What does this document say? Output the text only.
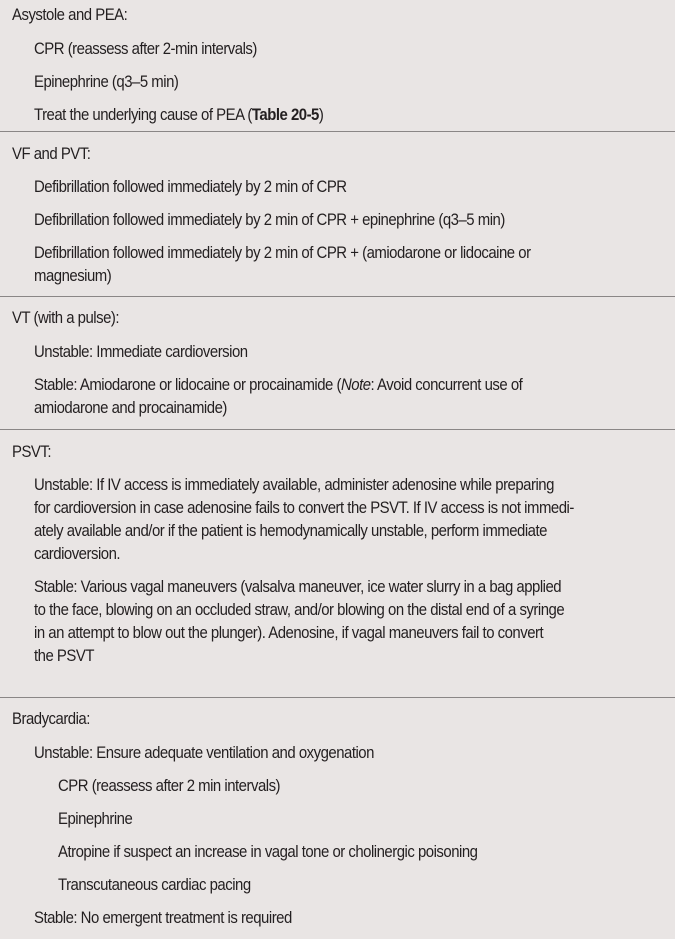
Asystole and PEA:
CPR (reassess after 2-min intervals)
Epinephrine (q3–5 min)
Treat the underlying cause of PEA (Table 20-5)
VF and PVT:
Defibrillation followed immediately by 2 min of CPR
Defibrillation followed immediately by 2 min of CPR + epinephrine (q3–5 min)
Defibrillation followed immediately by 2 min of CPR + (amiodarone or lidocaine or
magnesium)
VT (with a pulse):
Unstable: Immediate cardioversion
Stable: Amiodarone or lidocaine or procainamide (Note: Avoid concurrent use of
amiodarone and procainamide)
PSVT:
Unstable: If IV access is immediately available, administer adenosine while preparing
for cardioversion in case adenosine fails to convert the PSVT. If IV access is not immedi-
ately available and/or if the patient is hemodynamically unstable, perform immediate
cardioversion.
Stable: Various vagal maneuvers (valsalva maneuver, ice water slurry in a bag applied
to the face, blowing on an occluded straw, and/or blowing on the distal end of a syringe
in an attempt to blow out the plunger). Adenosine, if vagal maneuvers fail to convert
the PSVT
Bradycardia:
Unstable: Ensure adequate ventilation and oxygenation
CPR (reassess after 2 min intervals)
Epinephrine
Atropine if suspect an increase in vagal tone or cholinergic poisoning
Transcutaneous cardiac pacing
Stable: No emergent treatment is required
